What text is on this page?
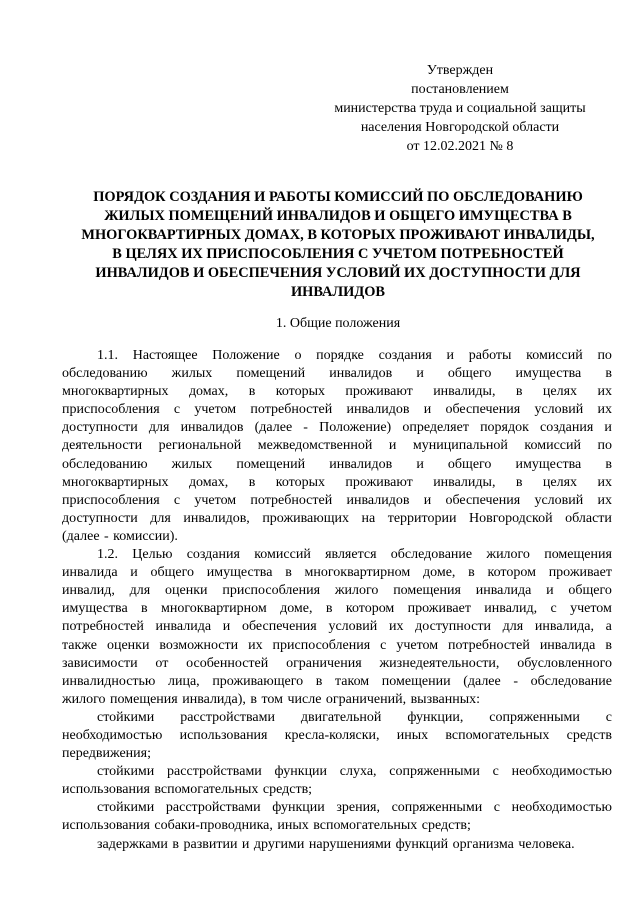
Утвержден
постановлением
министерства труда и социальной защиты
населения Новгородской области
от 12.02.2021 № 8
ПОРЯДОК СОЗДАНИЯ И РАБОТЫ КОМИССИЙ ПО ОБСЛЕДОВАНИЮ
ЖИЛЫХ ПОМЕЩЕНИЙ ИНВАЛИДОВ И ОБЩЕГО ИМУЩЕСТВА В
МНОГОКВАРТИРНЫХ ДОМАХ, В КОТОРЫХ ПРОЖИВАЮТ ИНВАЛИДЫ,
В ЦЕЛЯХ ИХ ПРИСПОСОБЛЕНИЯ С УЧЕТОМ ПОТРЕБНОСТЕЙ
ИНВАЛИДОВ И ОБЕСПЕЧЕНИЯ УСЛОВИЙ ИХ ДОСТУПНОСТИ ДЛЯ
ИНВАЛИДОВ
1. Общие положения
1.1. Настоящее Положение о порядке создания и работы комиссий по
обследованию жилых помещений инвалидов и общего имущества в
многоквартирных домах, в которых проживают инвалиды, в целях их
приспособления с учетом потребностей инвалидов и обеспечения условий их
доступности для инвалидов (далее - Положение) определяет порядок создания и
деятельности региональной межведомственной и муниципальной комиссий по
обследованию жилых помещений инвалидов и общего имущества в
многоквартирных домах, в которых проживают инвалиды, в целях их
приспособления с учетом потребностей инвалидов и обеспечения условий их
доступности для инвалидов, проживающих на территории Новгородской области
(далее - комиссии).
1.2. Целью создания комиссий является обследование жилого помещения
инвалида и общего имущества в многоквартирном доме, в котором проживает
инвалид, для оценки приспособления жилого помещения инвалида и общего
имущества в многоквартирном доме, в котором проживает инвалид, с учетом
потребностей инвалида и обеспечения условий их доступности для инвалида, а
также оценки возможности их приспособления с учетом потребностей инвалида в
зависимости от особенностей ограничения жизнедеятельности, обусловленного
инвалидностью лица, проживающего в таком помещении (далее - обследование
жилого помещения инвалида), в том числе ограничений, вызванных:
стойкими расстройствами двигательной функции, сопряженными с
необходимостью использования кресла-коляски, иных вспомогательных средств
передвижения;
стойкими расстройствами функции слуха, сопряженными с необходимостью
использования вспомогательных средств;
стойкими расстройствами функции зрения, сопряженными с необходимостью
использования собаки-проводника, иных вспомогательных средств;
задержками в развитии и другими нарушениями функций организма человека.
